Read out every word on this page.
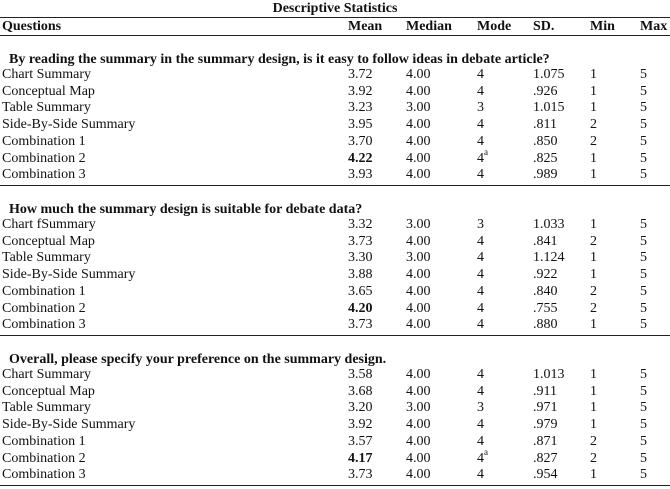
Descriptive Statistics
Questions	Mean Median Mode SD.	Min Max
By reading the summary in the summary design, is it easy to follow ideas in debate article?
Chart Summary	3.72 4.00	4	1.075 1	5
Conceptual Map	3.92 4.00	4	.926 1	5
Table Summary	3.23 3.00	3	1.015 1	5
Side-By-Side Summary	3.95 4.00	4	.811 2	5
Combination 1	3.70 4.00	4	.850 2	5
Combination 2	4.22 4.00	4$^a$	.825 1	5
Combination 3	3.93 4.00	4	.989 1	5
How much the summary design is suitable for debate data?
Chart fSummary	3.32 3.00	3	1.033 1	5
Conceptual Map	3.73 4.00	4	.841 2	5
Table Summary	3.30 3.00	4	1.124 1	5
Side-By-Side Summary	3.88 4.00	4	.922 1	5
Combination 1	3.65 4.00	4	.840 2	5
Combination 2	4.20 4.00	4	.755 2	5
Combination 3	3.73 4.00	4	.880 1	5
Overall, please specify your preference on the summary design.
Chart Summary	3.58 4.00	4	1.013 1	5
Conceptual Map	3.68 4.00	4	.911 1	5
Table Summary	3.20 3.00	3	.971 1	5
Side-By-Side Summary	3.92 4.00	4	.979 1	5
Combination 1	3.57 4.00	4	.871 2	5
Combination 2	4.17 4.00	4$^a$	.827 2	5
Combination 3	3.73 4.00	4	.954 1	5
